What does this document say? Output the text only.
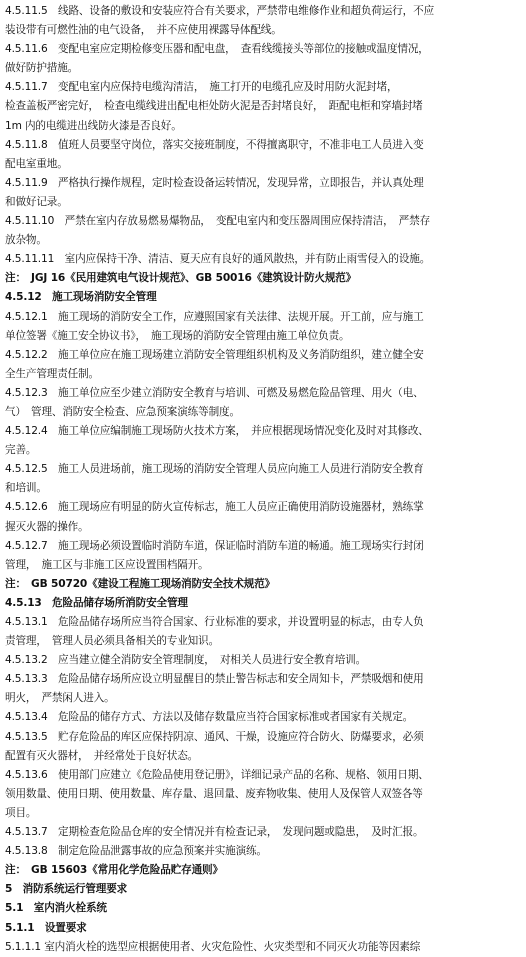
4.5.11.5　线路、设备的敷设和安装应符合有关要求，严禁带电维修作业和超负荷运行，不应
装设带有可燃性油的电气设备，　并不应使用裸露导体配线。
4.5.11.6　变配电室应定期检修变压器和配电盘，　查看线缆接头等部位的接触或温度情况，
做好防护措施。
4.5.11.7　变配电室内应保持电缆沟清洁，　施工打开的电缆孔应及时用防火泥封堵，
检查盖板严密完好，　检查电缆线进出配电柜处防火泥是否封堵良好，　距配电柜和穿墙封堵
1m 内的电缆进出线防火漆是否良好。
4.5.11.8　值班人员要坚守岗位，落实交接班制度，不得擅离职守，不准非电工人员进入变
配电室重地。
4.5.11.9　严格执行操作规程，定时检查设备运转情况，发现异常，立即报告，并认真处理
和做好记录。
4.5.11.10　严禁在室内存放易燃易爆物品，　变配电室内和变压器周围应保持清洁，　严禁存
放杂物。
4.5.11.11　室内应保持干净、清洁、夏天应有良好的通风散热，并有防止雨雪侵入的设施。
注：　JGJ 16《民用建筑电气设计规范》、GB 50016《建筑设计防火规范》
4.5.12　施工现场消防安全管理
4.5.12.1　施工现场的消防安全工作，应遵照国家有关法律、法规开展。开工前，应与施工
单位签署《施工安全协议书》，　施工现场的消防安全管理由施工单位负责。
4.5.12.2　施工单位应在施工现场建立消防安全管理组织机构及义务消防组织，建立健全安
全生产管理责任制。
4.5.12.3　施工单位应至少建立消防安全教育与培训、可燃及易燃危险品管理、用火（电、
气）　管理、消防安全检查、应急预案演练等制度。
4.5.12.4　施工单位应编制施工现场防火技术方案，　并应根据现场情况变化及时对其修改、
完善。
4.5.12.5　施工人员进场前，施工现场的消防安全管理人员应向施工人员进行消防安全教育
和培训。
4.5.12.6　施工现场应有明显的防火宣传标志，施工人员应正确使用消防设施器材，熟练掌
握灭火器的操作。
4.5.12.7　施工现场必须设置临时消防车道，保证临时消防车道的畅通。施工现场实行封闭
管理，　施工区与非施工区应设置围档隔开。
注：　GB 50720《建设工程施工现场消防安全技术规范》
4.5.13　危险品储存场所消防安全管理
4.5.13.1　危险品储存场所应当符合国家、行业标准的要求，并设置明显的标志，由专人负
责管理，　管理人员必须具备相关的专业知识。
4.5.13.2　应当建立健全消防安全管理制度，　对相关人员进行安全教育培训。
4.5.13.3　危险品储存场所应设立明显醒目的禁止警告标志和安全周知卡，严禁吸烟和使用
明火，　严禁闲人进入。
4.5.13.4　危险品的储存方式、方法以及储存数量应当符合国家标准或者国家有关规定。
4.5.13.5　贮存危险品的库区应保持阴凉、通风、干燥，设施应符合防火、防爆要求，必须
配置有灭火器材，　并经常处于良好状态。
4.5.13.6　使用部门应建立《危险品使用登记册》，详细记录产品的名称、规格、领用日期、
领用数量、使用日期、使用数量、库存量、退回量、废弃物收集、使用人及保管人双签各等
项目。
4.5.13.7　定期检查危险品仓库的安全情况并有检查记录，　发现问题或隐患，　及时汇报。
4.5.13.8　制定危险品泄露事故的应急预案并实施演练。
注：　GB 15603《常用化学危险品贮存通则》
5　消防系统运行管理要求
5.1　室内消火栓系统
5.1.1　设置要求
5.1.1.1 室内消火栓的选型应根据使用者、火灾危险性、火灾类型和不同灭火功能等因素综
